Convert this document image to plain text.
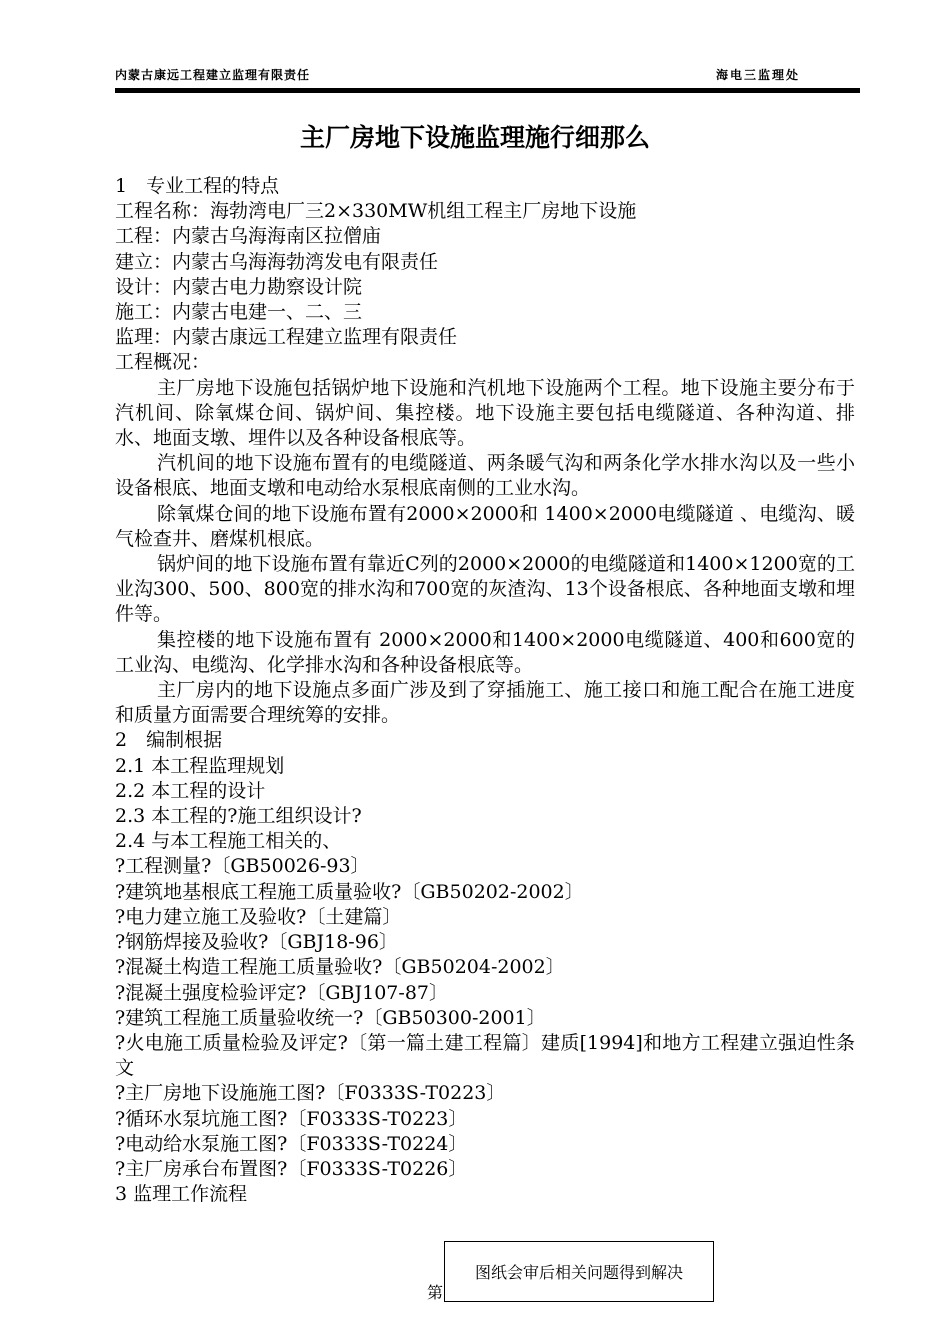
内蒙古康远工程建立监理有限责任	海电三监理处
主厂房地下设施监理施行细那么

1　专业工程的特点

工程名称：海勃湾电厂三2×330MW机组工程主厂房地下设施

工程：内蒙古乌海海南区拉僧庙

建立：内蒙古乌海海勃湾发电有限责任

设计：内蒙古电力勘察设计院

施工：内蒙古电建一、二、三

监理：内蒙古康远工程建立监理有限责任

工程概况：

主厂房地下设施包括锅炉地下设施和汽机地下设施两个工程。地下设施主要分布于汽机间、除氧煤仓间、锅炉间、集控楼。地下设施主要包括电缆隧道、各种沟道、排水、地面支墩、埋件以及各种设备根底等。

汽机间的地下设施布置有的电缆隧道、两条暖气沟和两条化学水排水沟以及一些小设备根底、地面支墩和电动给水泵根底南侧的工业水沟。

除氧煤仓间的地下设施布置有2000×2000和 1400×2000电缆隧道 、电缆沟、暖气检查井、磨煤机根底。

锅炉间的地下设施布置有靠近C列的2000×2000的电缆隧道和1400×1200宽的工业沟300、500、800宽的排水沟和700宽的灰渣沟、13个设备根底、各种地面支墩和埋件等。

集控楼的地下设施布置有 2000×2000和1400×2000电缆隧道、400和600宽的工业沟、电缆沟、化学排水沟和各种设备根底等。

主厂房内的地下设施点多面广涉及到了穿插施工、施工接口和施工配合在施工进度和质量方面需要合理统筹的安排。

2　编制根据

2.1 本工程监理规划

2.2 本工程的设计

2.3 本工程的?施工组织设计?

2.4 与本工程施工相关的、

?工程测量?〔GB50026-93〕

?建筑地基根底工程施工质量验收?〔GB50202-2002〕

?电力建立施工及验收?〔土建篇〕

?钢筋焊接及验收?〔GBJ18-96〕

?混凝土构造工程施工质量验收?〔GB50204-2002〕

?混凝土强度检验评定?〔GBJ107-87〕

?建筑工程施工质量验收统一?〔GB50300-2001〕

?火电施工质量检验及评定?〔第一篇土建工程篇〕建质[1994]和地方工程建立强迫性条文

?主厂房地下设施施工图?〔F0333S-T0223〕

?循环水泵坑施工图?〔F0333S-T0223〕

?电动给水泵施工图?〔F0333S-T0224〕

?主厂房承台布置图?〔F0333S-T0226〕

3 监理工作流程

第
图纸会审后相关问题得到解决
